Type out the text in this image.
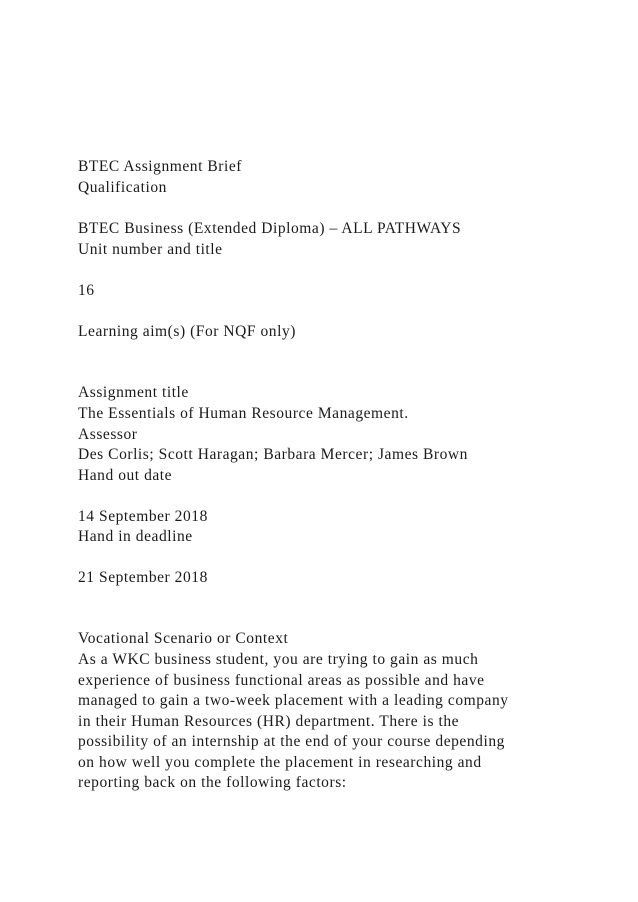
BTEC Assignment Brief

Qualification

BTEC Business (Extended Diploma) – ALL PATHWAYS

Unit number and title

16

Learning aim(s) (For NQF only)

Assignment title

The Essentials of Human Resource Management.

Assessor

Des Corlis; Scott Haragan; Barbara Mercer; James Brown

Hand out date

14 September 2018

Hand in deadline

21 September 2018

Vocational Scenario or Context

As a WKC business student, you are trying to gain as much

experience of business functional areas as possible and have

managed to gain a two-week placement with a leading company

in their Human Resources (HR) department. There is the

possibility of an internship at the end of your course depending

on how well you complete the placement in researching and

reporting back on the following factors:
